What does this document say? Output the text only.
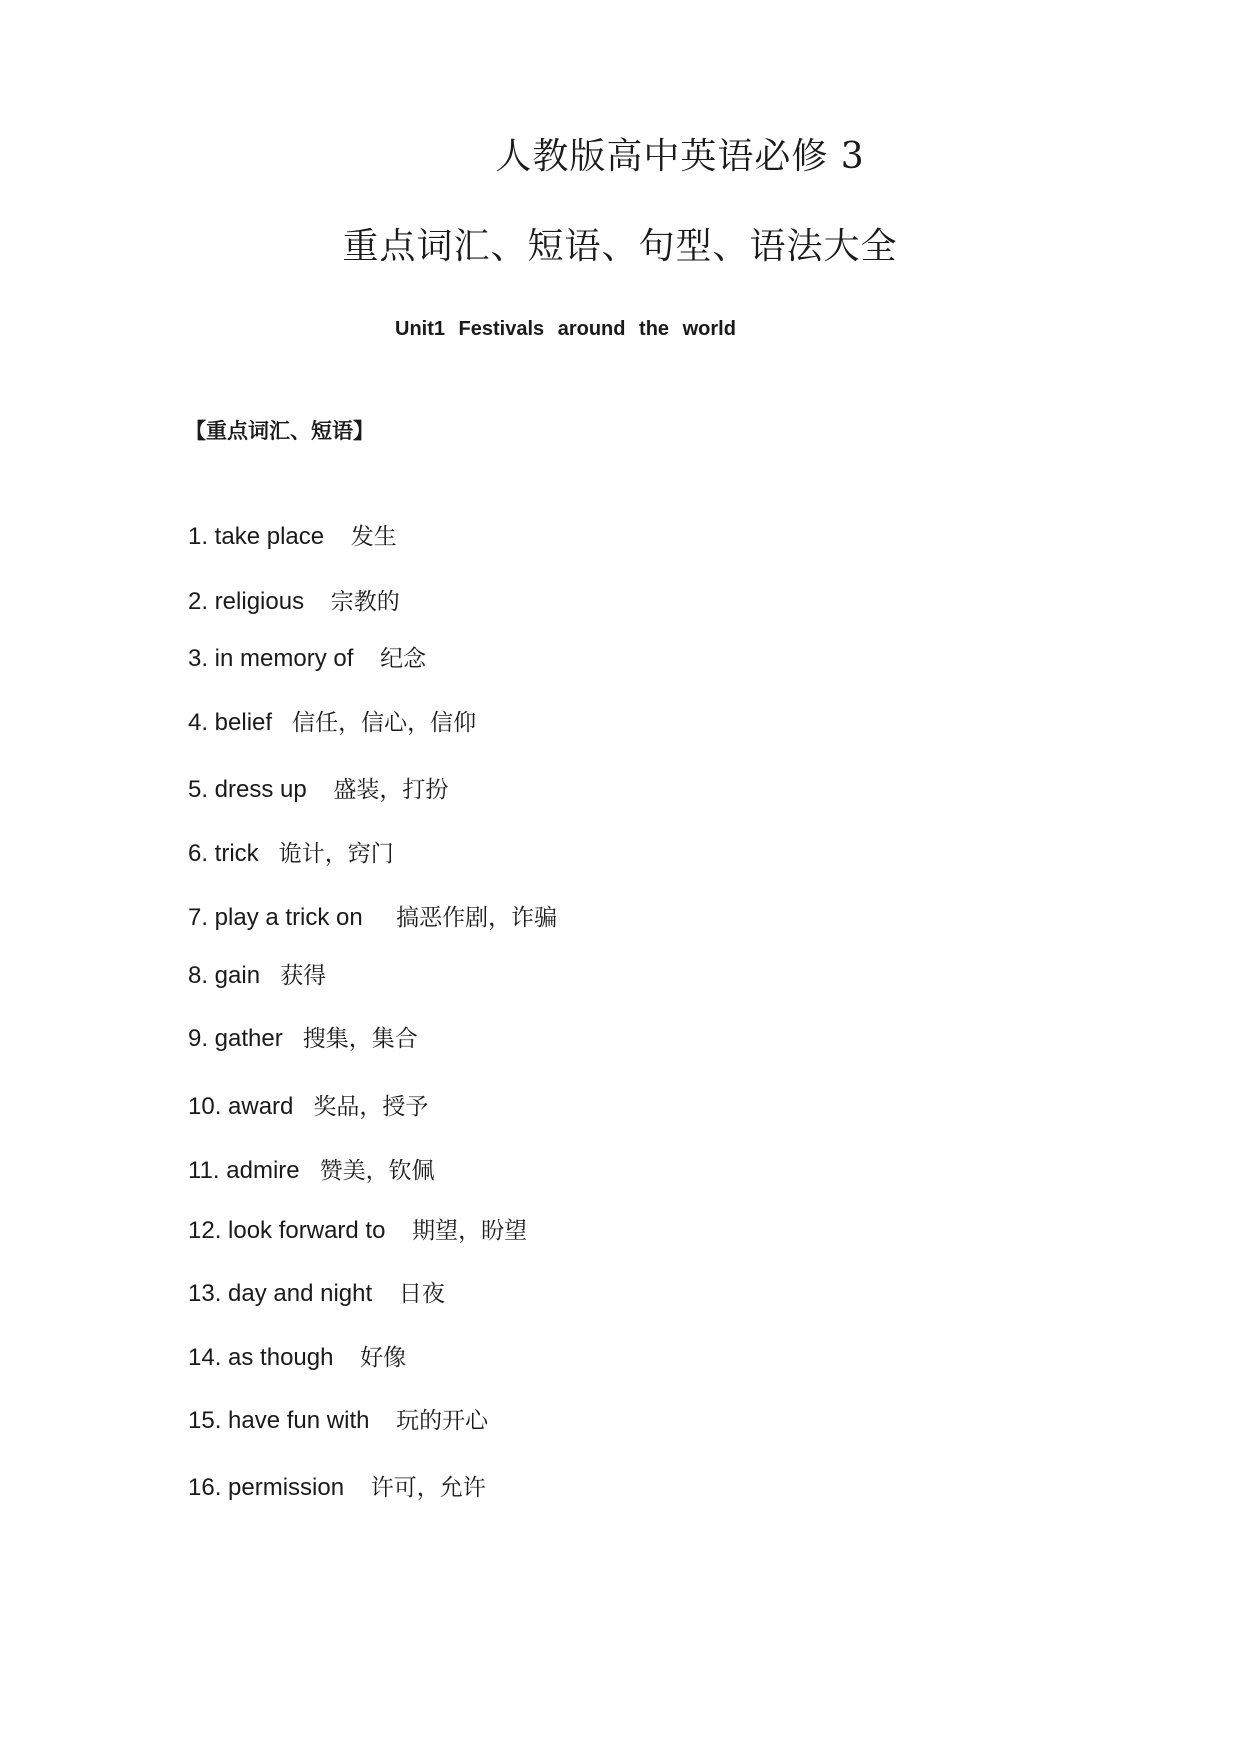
人教版高中英语必修 3
重点词汇、短语、句型、语法大全
Unit1 Festivals around the world
【重点词汇、短语】
1. take place 发生
2. religious 宗教的
3. in memory of 纪念
4. belief 信任，信心，信仰
5. dress up 盛装，打扮
6. trick 诡计，窍门
7. play a trick on 搞恶作剧，诈骗
8. gain 获得
9. gather 搜集，集合
10. award 奖品，授予
11. admire 赞美，钦佩
12. look forward to 期望，盼望
13. day and night 日夜
14. as though 好像
15. have fun with 玩的开心
16. permission 许可，允许
